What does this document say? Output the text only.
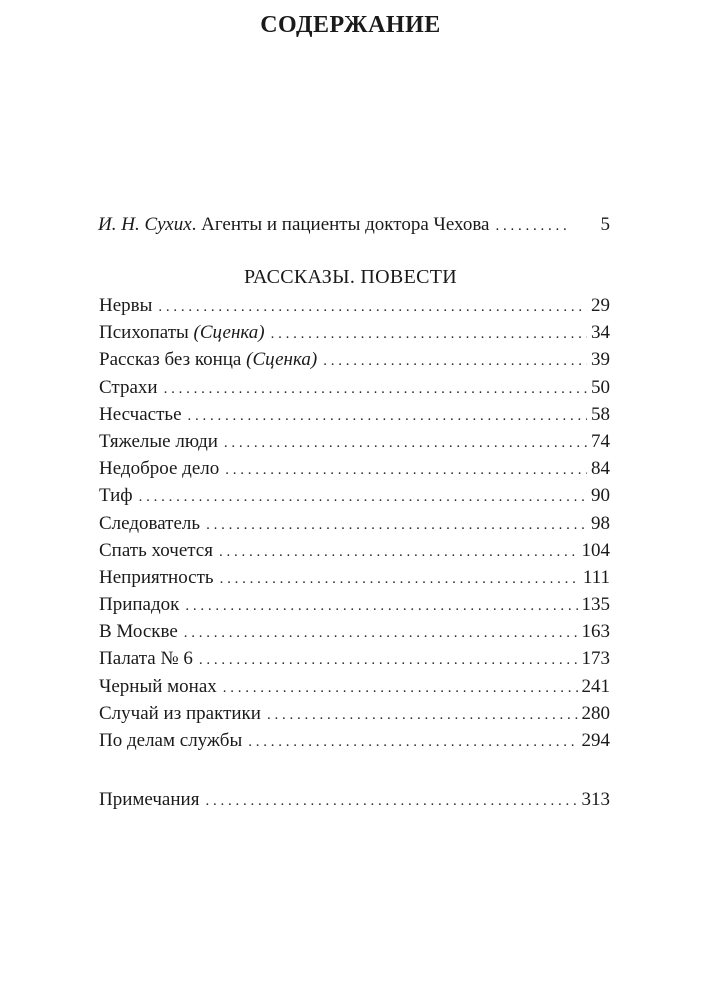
СОДЕРЖАНИЕ
И. Н. Сухих. Агенты и пациенты доктора Чехова . . .	5
РАССКАЗЫ. ПОВЕСТИ
Нервы . . .	29
Психопаты (Сценка) . . .	34
Рассказ без конца (Сценка) . . .	39
Страхи . . .	50
Несчастье . . .	58
Тяжелые люди . . .	74
Недоброе дело . . .	84
Тиф . . .	90
Следователь . . .	98
Спать хочется . . .	104
Неприятность . . .	111
Припадок . . .	135
В Москве . . .	163
Палата № 6 . . .	173
Черный монах . . .	241
Случай из практики . . .	280
По делам службы . . .	294
Примечания . . .	313
